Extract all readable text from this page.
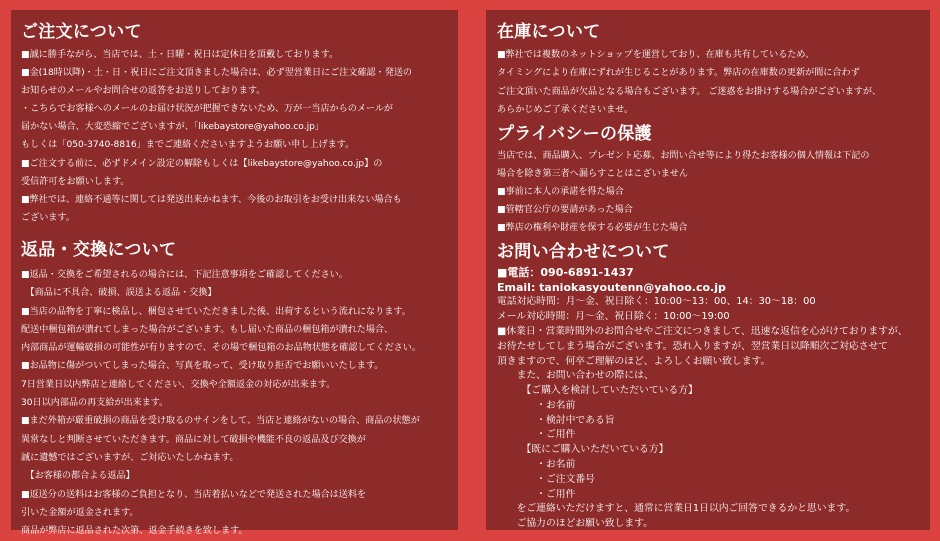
ご注文について
■誠に勝手ながら、当店では、土・日曜・祝日は定休日を頂戴しております。
■金(18時以降)・土・日・祝日にご注文頂きました場合は、必ず翌営業日にご注文確認・発送の
お知らせのメールやお問合せの返答をお送りしております。
・こちらでお客様へのメールのお届け状況が把握できないため、万が一当店からのメールが
届かない場合、大変恐縮でございますが、「likebaystore@yahoo.co.jp」
もしくは「050-3740-8816」までご連絡くださいますようお願い申し上げます。
■ご注文する前に、必ずドメイン設定の解除もしくは【likebaystore@yahoo.co.jp】の
受信許可をお願いします。
■弊社では、連絡不通等に関しては発送出来かねます、今後のお取引をお受け出来ない場合も
ございます。
返品・交換について
■返品・交換をご希望されるの場合には、下記注意事項をご確認してください。
　【商品に不具合、破損、誤送よる返品・交換】
■当店の品物を丁寧に検品し、梱包させていただきました後、出荷するという流れになります。
配送中梱包箱が潰れてしまった場合がございます。もし届いた商品の梱包箱が潰れた場合、
内部商品が運輸破損の可能性が有りますので、その場で梱包箱のお品物状態を確認してください。
■お品物に傷がついてしまった場合、写真を取って、受け取り拒否でお願いいたします。
7日営業日以内弊店と連絡してください、交換や全額返金の対応が出来ます。
30日以内部品の再支給が出来ます。
■まだ外箱が厳重破損の商品を受け取るのサインをして、当店と連絡がないの場合、商品の状態が
異常なしと判断させていただきます。商品に対して破損や機能不良の返品及び交換が
誠に遺憾ではございますが、ご対応いたしかねます。
　【お客様の都合よる返品】
■返送分の送料はお客様のご負担となり、当店着払いなどで発送された場合は送料を
引いた金額が返金されます。
商品が弊店に返品された次第、返金手続きを致します。
在庫について
■弊社では複数のネットショップを運営しており、在庫も共有しているため、
タイミングにより在庫にずれが生じることがあります。弊店の在庫数の更新が間に合わず
ご注文頂いた商品が欠品となる場合もございます。 ご迷惑をお掛けする場合がございますが、
あらかじめご了承くださいませ。
プライバシーの保護
当店では、商品購入、プレゼント応募、お問い合せ等により得たお客様の個人情報は下記の
場合を除き第三者へ漏らすことはこざいません
■事前に本人の承諾を得た場合
■管轄官公庁の要請があった場合
■弊店の権利や財産を保する必要が生じた場合
お問い合わせについて
■電話：090-6891-1437
Email: taniokasyoutenn@yahoo.co.jp
電話対応時間：月～金、祝日除く：10:00～13：00、14：30～18：00
メール対応時間：月～金、祝日除く：10:00～19:00
■休業日・営業時間外のお問合せやご注文につきまして、迅速な返信を心がけておりますが、
お待たせしてしまう場合がございます。恐れ入りますが、翌営業日以降順次ご対応させて
頂きますので、何卒ご理解のほど、よろしくお願い致します。
　　また、お問い合わせの際には、
　　　【ご購入を検討していただいている方】
　　　　・お名前
　　　　・検討中である旨
　　　　・ご用件
　　　【既にご購入いただいている方】
　　　　・お名前
　　　　・ご注文番号
　　　　・ご用件
　　をご連絡いただけますと、通常に営業日1日以内ご回答できるかと思います。
　　ご協力のほどお願い致します。
